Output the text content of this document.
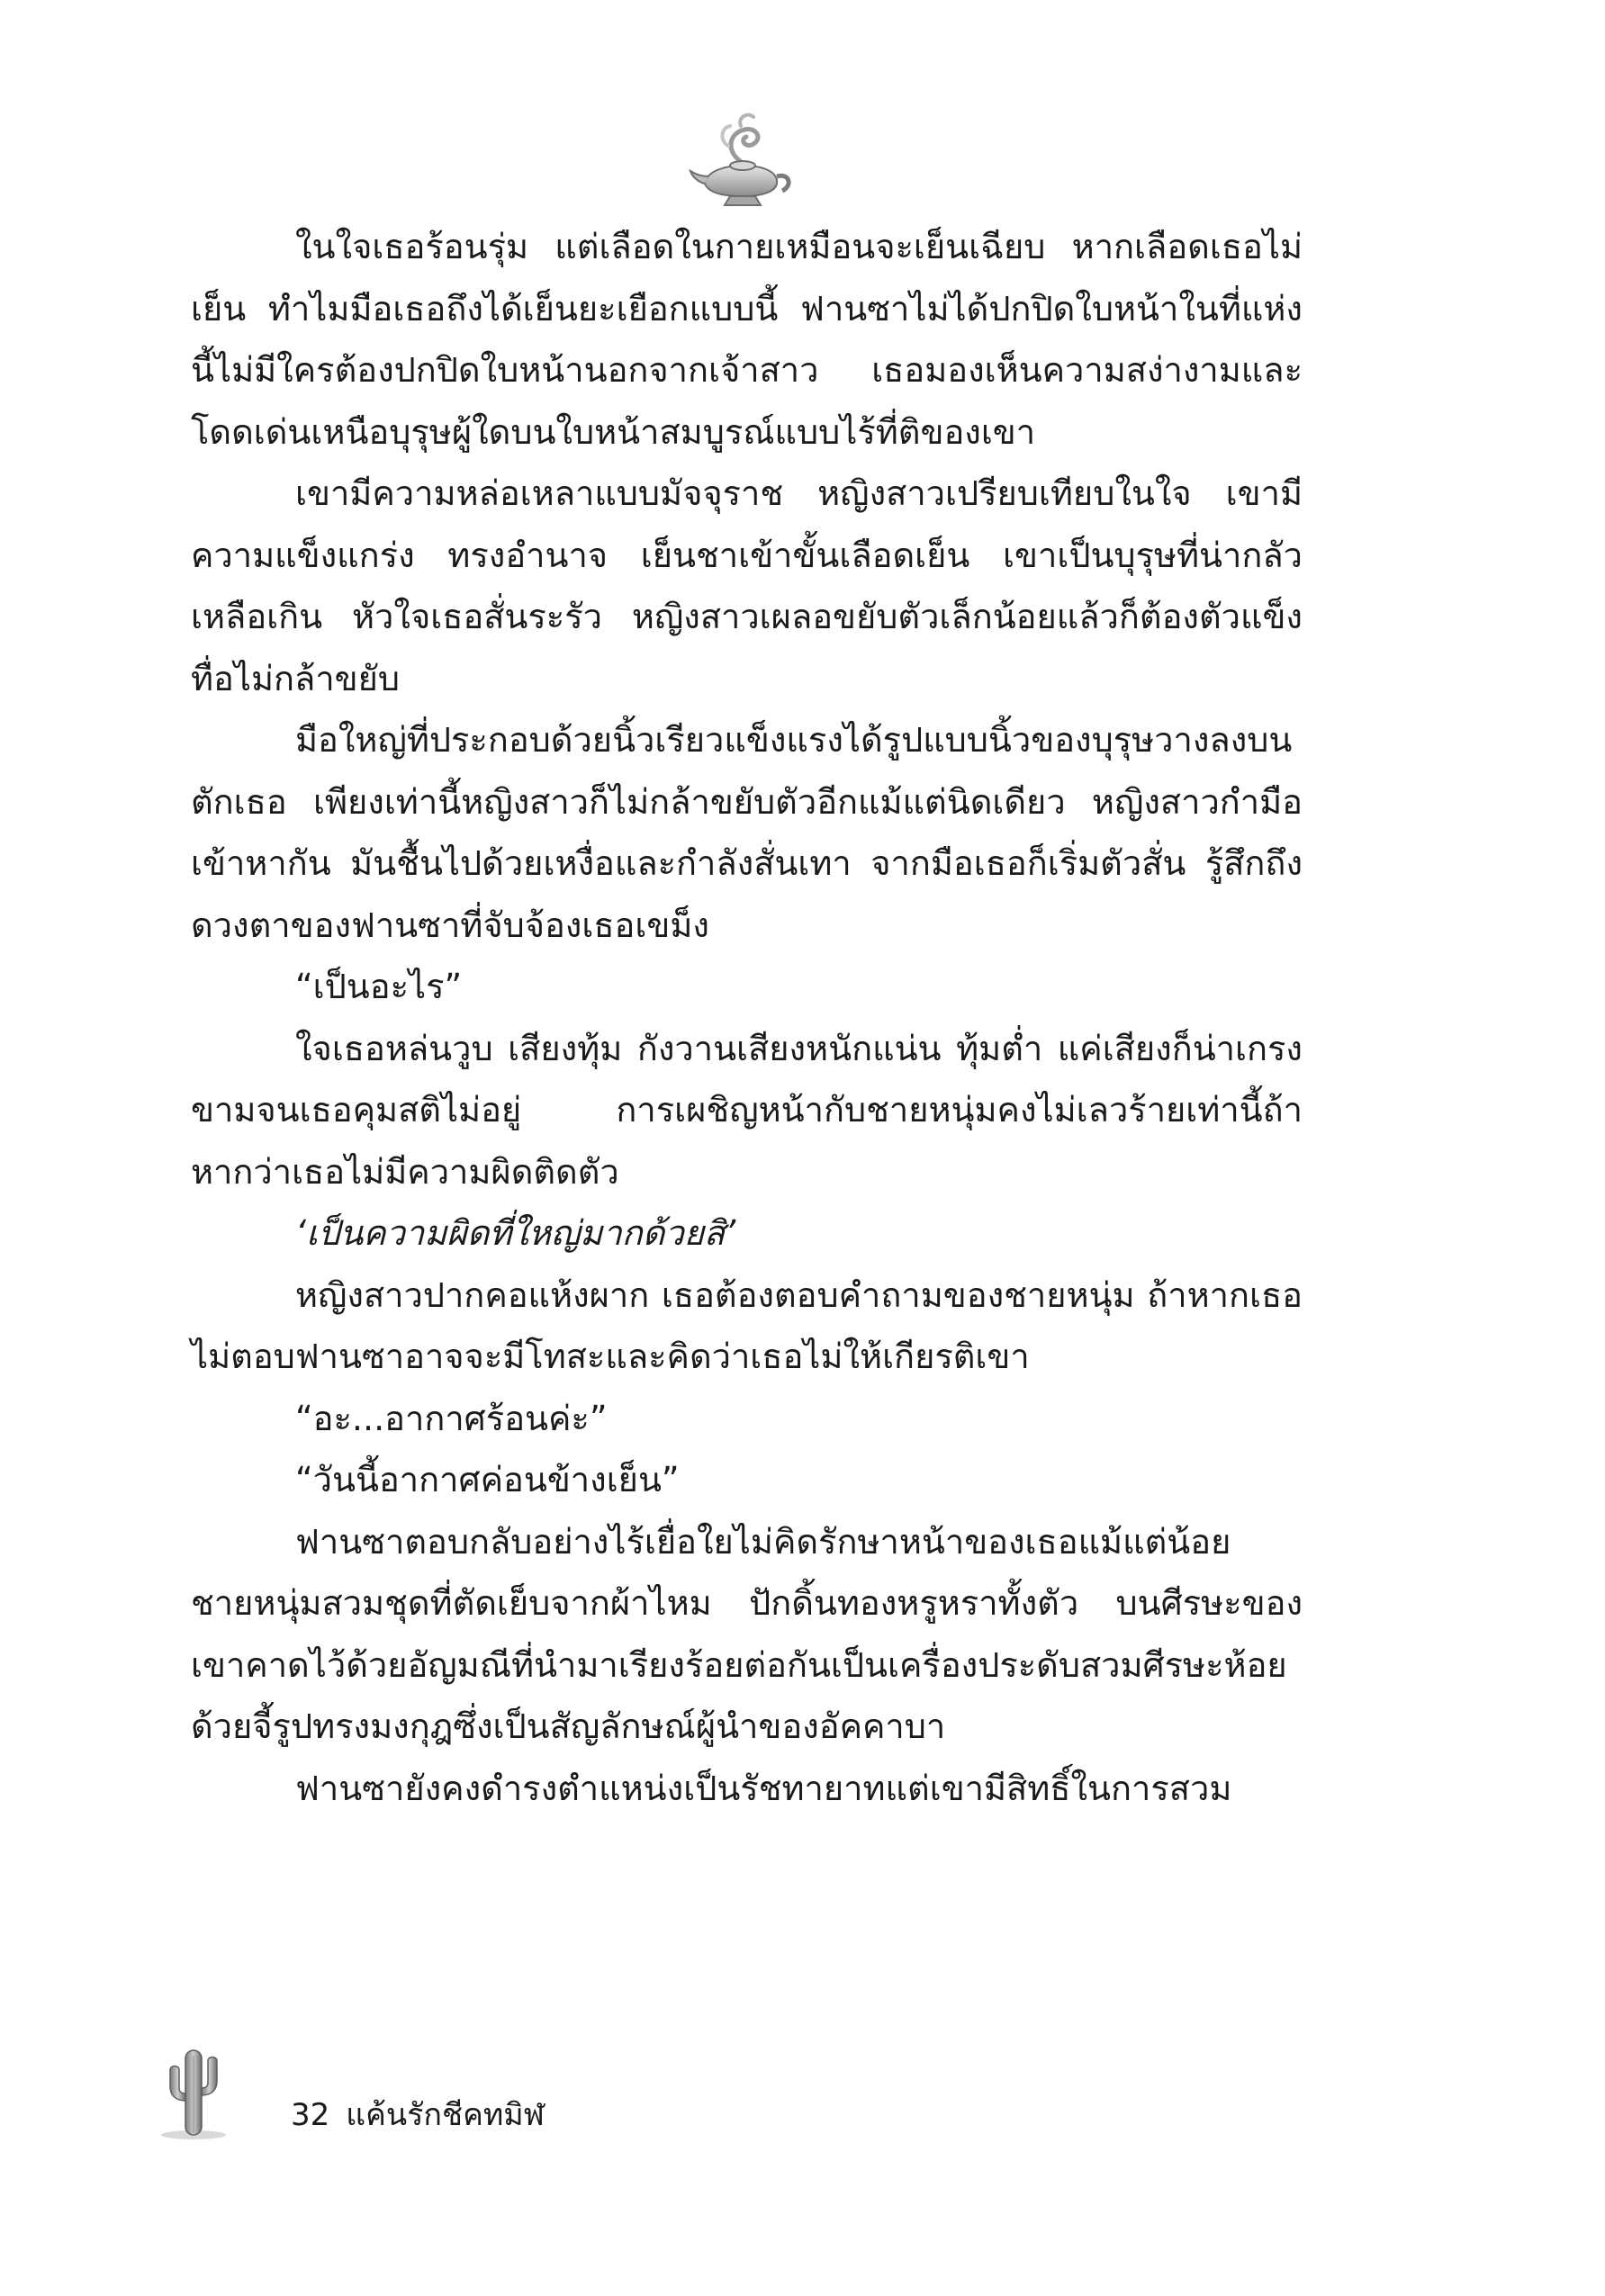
ในใจเธอร้อนรุ่ม แต่เลือดในกายเหมือนจะเย็นเฉียบ หากเลือดเธอไม่เย็น ทำไมมือเธอถึงได้เย็นยะเยือกแบบนี้ ฟานซาไม่ได้ปกปิดใบหน้าในที่แห่งนี้ไม่มีใครต้องปกปิดใบหน้านอกจากเจ้าสาว เธอมองเห็นความสง่างามและโดดเด่นเหนือบุรุษผู้ใดบนใบหน้าสมบูรณ์แบบไร้ที่ติของเขา

เขามีความหล่อเหลาแบบมัจจุราช หญิงสาวเปรียบเทียบในใจ เขามีความแข็งแกร่ง ทรงอำนาจ เย็นชาเข้าขั้นเลือดเย็น เขาเป็นบุรุษที่น่ากลัวเหลือเกิน หัวใจเธอสั่นระรัว หญิงสาวเผลอขยับตัวเล็กน้อยแล้วก็ต้องตัวแข็งทื่อไม่กล้าขยับ

มือใหญ่ที่ประกอบด้วยนิ้วเรียวแข็งแรงได้รูปแบบนิ้วของบุรุษวางลงบนตักเธอ เพียงเท่านี้หญิงสาวก็ไม่กล้าขยับตัวอีกแม้แต่นิดเดียว หญิงสาวกำมือเข้าหากัน มันชื้นไปด้วยเหงื่อและกำลังสั่นเทา จากมือเธอก็เริ่มตัวสั่น รู้สึกถึงดวงตาของฟานซาที่จับจ้องเธอเขม็ง

“เป็นอะไร”

ใจเธอหล่นวูบ เสียงทุ้ม กังวานเสียงหนักแน่น ทุ้มต่ำ แค่เสียงก็น่าเกรงขามจนเธอคุมสติไม่อยู่ การเผชิญหน้ากับชายหนุ่มคงไม่เลวร้ายเท่านี้ถ้าหากว่าเธอไม่มีความผิดติดตัว

‘เป็นความผิดที่ใหญ่มากด้วยสิ’

หญิงสาวปากคอแห้งผาก เธอต้องตอบคำถามของชายหนุ่ม ถ้าหากเธอไม่ตอบฟานซาอาจจะมีโทสะและคิดว่าเธอไม่ให้เกียรติเขา

“อะ...อากาศร้อนค่ะ”

“วันนี้อากาศค่อนข้างเย็น”

ฟานซาตอบกลับอย่างไร้เยื่อใยไม่คิดรักษาหน้าของเธอแม้แต่น้อย ชายหนุ่มสวมชุดที่ตัดเย็บจากผ้าไหม ปักดิ้นทองหรูหราทั้งตัว บนศีรษะของเขาคาดไว้ด้วยอัญมณีที่นำมาเรียงร้อยต่อกันเป็นเครื่องประดับสวมศีรษะห้อยด้วยจี้รูปทรงมงกุฎซึ่งเป็นสัญลักษณ์ผู้นำของอัคคาบา

ฟานซายังคงดำรงตำแหน่งเป็นรัชทายาทแต่เขามีสิทธิ์ในการสวม

32 แค้นรักชีคทมิฬ
